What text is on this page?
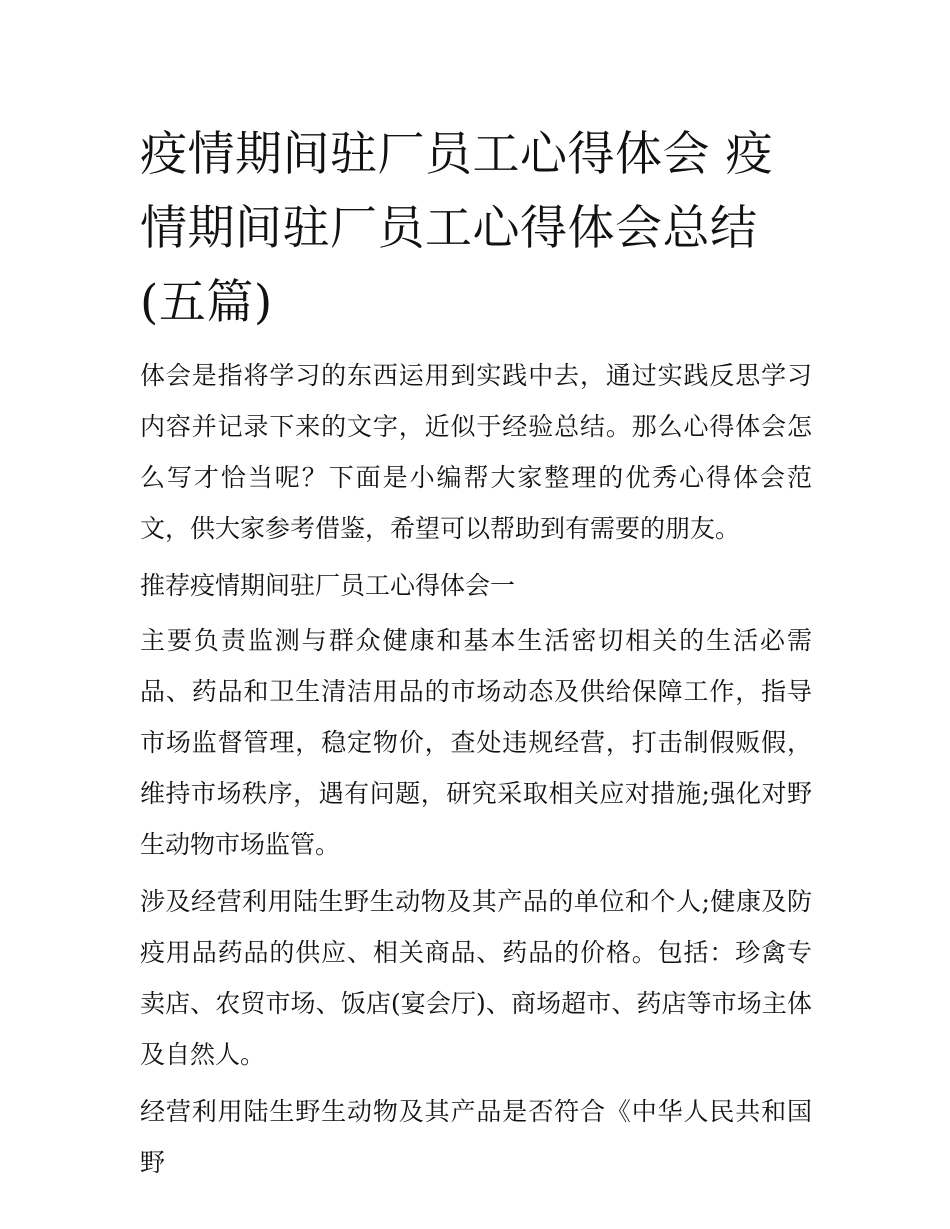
疫情期间驻厂员工心得体会 疫情期间驻厂员工心得体会总结(五篇)

体会是指将学习的东西运用到实践中去，通过实践反思学习内容并记录下来的文字，近似于经验总结。那么心得体会怎么写才恰当呢？下面是小编帮大家整理的优秀心得体会范文，供大家参考借鉴，希望可以帮助到有需要的朋友。

推荐疫情期间驻厂员工心得体会一

主要负责监测与群众健康和基本生活密切相关的生活必需品、药品和卫生清洁用品的市场动态及供给保障工作，指导市场监督管理，稳定物价，查处违规经营，打击制假贩假，维持市场秩序，遇有问题，研究采取相关应对措施;强化对野生动物市场监管。

涉及经营利用陆生野生动物及其产品的单位和个人;健康及防疫用品药品的供应、相关商品、药品的价格。包括：珍禽专卖店、农贸市场、饭店(宴会厅)、商场超市、药店等市场主体及自然人。

经营利用陆生野生动物及其产品是否符合《中华人民共和国野
